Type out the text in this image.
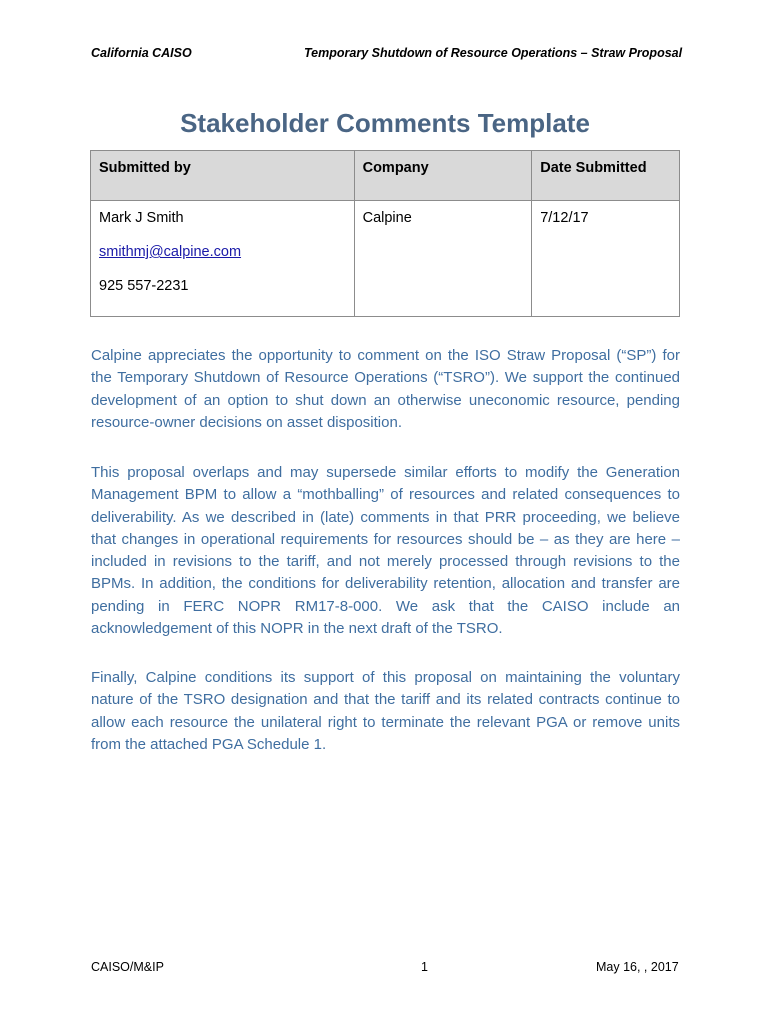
California CAISO	Temporary Shutdown of Resource Operations – Straw Proposal
Stakeholder Comments Template
Submitted by	Company	Date Submitted

Mark J Smith
smithmj@calpine.com
925 557-2231	Calpine	7/12/17

Calpine appreciates the opportunity to comment on the ISO Straw Proposal (“SP”) for the Temporary Shutdown of Resource Operations (“TSRO”). We support the continued development of an option to shut down an otherwise uneconomic resource, pending resource-owner decisions on asset disposition.

This proposal overlaps and may supersede similar efforts to modify the Generation Management BPM to allow a “mothballing” of resources and related consequences to deliverability. As we described in (late) comments in that PRR proceeding, we believe that changes in operational requirements for resources should be – as they are here – included in revisions to the tariff, and not merely processed through revisions to the BPMs. In addition, the conditions for deliverability retention, allocation and transfer are pending in FERC NOPR RM17-8-000. We ask that the CAISO include an acknowledgement of this NOPR in the next draft of the TSRO.

Finally, Calpine conditions its support of this proposal on maintaining the voluntary nature of the TSRO designation and that the tariff and its related contracts continue to allow each resource the unilateral right to terminate the relevant PGA or remove units from the attached PGA Schedule 1.

CAISO/M&IP	1	May 16, , 2017
